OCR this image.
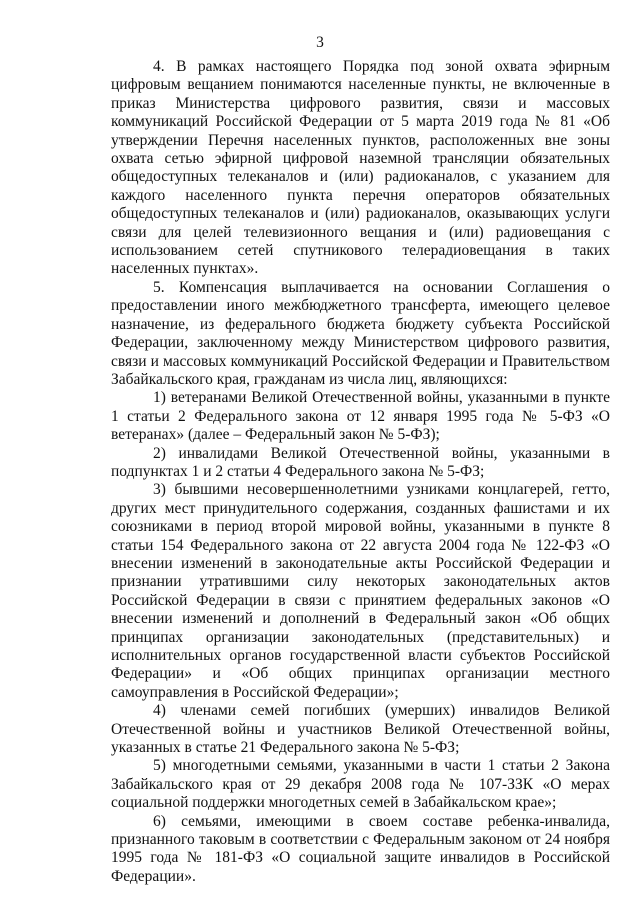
3

4. В рамках настоящего Порядка под зоной охвата эфирным цифровым вещанием понимаются населенные пункты, не включенные в приказ Министерства цифрового развития, связи и массовых коммуникаций Российской Федерации от 5 марта 2019 года № 81 «Об утверждении Перечня населенных пунктов, расположенных вне зоны охвата сетью эфирной цифровой наземной трансляции обязательных общедоступных телеканалов и (или) радиоканалов, с указанием для каждого населенного пункта перечня операторов обязательных общедоступных телеканалов и (или) радиоканалов, оказывающих услуги связи для целей телевизионного вещания и (или) радиовещания с использованием сетей спутникового телерадиовещания в таких населенных пунктах».

5. Компенсация выплачивается на основании Соглашения о предоставлении иного межбюджетного трансферта, имеющего целевое назначение, из федерального бюджета бюджету субъекта Российской Федерации, заключенному между Министерством цифрового развития, связи и массовых коммуникаций Российской Федерации и Правительством Забайкальского края, гражданам из числа лиц, являющихся:

1) ветеранами Великой Отечественной войны, указанными в пункте 1 статьи 2 Федерального закона от 12 января 1995 года № 5-ФЗ «О ветеранах» (далее – Федеральный закон № 5-ФЗ);

2) инвалидами Великой Отечественной войны, указанными в подпунктах 1 и 2 статьи 4 Федерального закона № 5-ФЗ;

3) бывшими несовершеннолетними узниками концлагерей, гетто, других мест принудительного содержания, созданных фашистами и их союзниками в период второй мировой войны, указанными в пункте 8 статьи 154 Федерального закона от 22 августа 2004 года № 122-ФЗ «О внесении изменений в законодательные акты Российской Федерации и признании утратившими силу некоторых законодательных актов Российской Федерации в связи с принятием федеральных законов «О внесении изменений и дополнений в Федеральный закон «Об общих принципах организации законодательных (представительных) и исполнительных органов государственной власти субъектов Российской Федерации» и «Об общих принципах организации местного самоуправления в Российской Федерации»;

4) членами семей погибших (умерших) инвалидов Великой Отечественной войны и участников Великой Отечественной войны, указанных в статье 21 Федерального закона № 5-ФЗ;

5) многодетными семьями, указанными в части 1 статьи 2 Закона Забайкальского края от 29 декабря 2008 года № 107-ЗЗК «О мерах социальной поддержки многодетных семей в Забайкальском крае»;

6) семьями, имеющими в своем составе ребенка-инвалида, признанного таковым в соответствии с Федеральным законом от 24 ноября 1995 года № 181-ФЗ «О социальной защите инвалидов в Российской Федерации».
